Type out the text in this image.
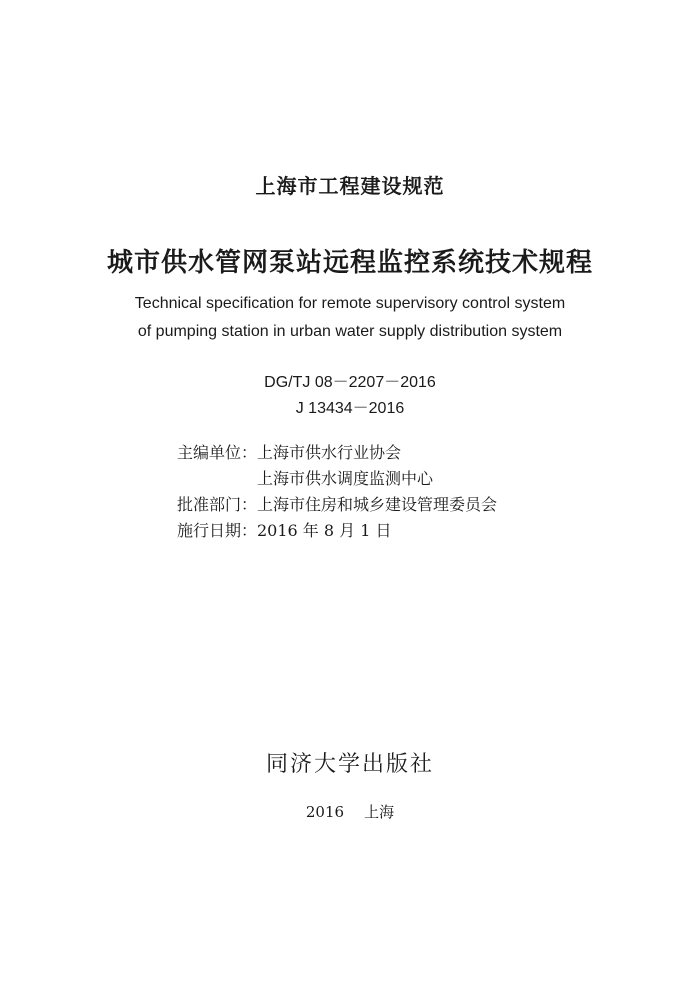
上海市工程建设规范
城市供水管网泵站远程监控系统技术规程
Technical specification for remote supervisory control system
of pumping station in urban water supply distribution system
DG/TJ 08－2207－2016
J 13434－2016
主编单位：上海市供水行业协会
上海市供水调度监测中心
批准部门：上海市住房和城乡建设管理委员会
施行日期：2016 年 8 月 1 日
同济大学出版社
2016 上海
